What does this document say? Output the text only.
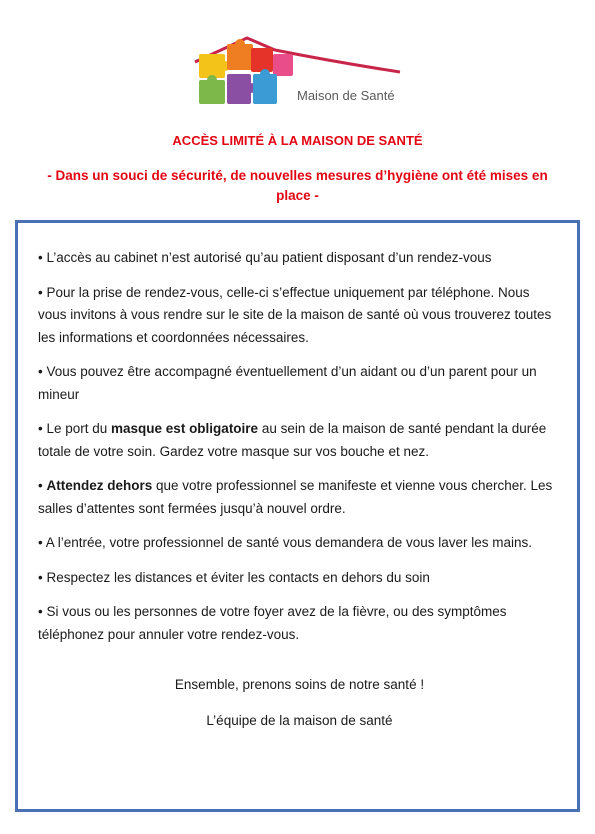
Maison de Santé
ACCÈS LIMITÉ À LA MAISON DE SANTÉ
- Dans un souci de sécurité, de nouvelles mesures d’hygiène ont été mises en place -

• L’accès au cabinet n’est autorisé qu’au patient disposant d’un rendez-vous

• Pour la prise de rendez-vous, celle-ci s’effectue uniquement par téléphone. Nous vous invitons à vous rendre sur le site de la maison de santé où vous trouverez toutes les informations et coordonnées nécessaires.

• Vous pouvez être accompagné éventuellement d’un aidant ou d’un parent pour un mineur

• Le port du masque est obligatoire au sein de la maison de santé pendant la durée totale de votre soin. Gardez votre masque sur vos bouche et nez.

• Attendez dehors que votre professionnel se manifeste et vienne vous chercher. Les salles d’attentes sont fermées jusqu’à nouvel ordre.

• A l’entrée, votre professionnel de santé vous demandera de vous laver les mains.

• Respectez les distances et éviter les contacts en dehors du soin

• Si vous ou les personnes de votre foyer avez de la fièvre, ou des symptômes téléphonez pour annuler votre rendez-vous.

Ensemble, prenons soins de notre santé !
L’équipe de la maison de santé
